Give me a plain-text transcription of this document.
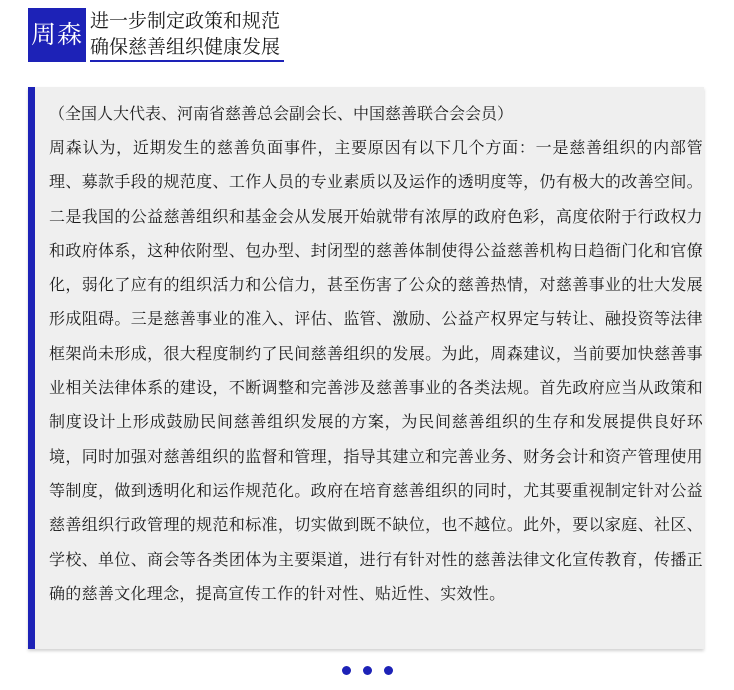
周森 进一步制定政策和规范
确保慈善组织健康发展
（全国人大代表、河南省慈善总会副会长、中国慈善联合会会员）

周森认为，近期发生的慈善负面事件，主要原因有以下几个方面：一是慈善组织的内部管理、募款手段的规范度、工作人员的专业素质以及运作的透明度等，仍有极大的改善空间。二是我国的公益慈善组织和基金会从发展开始就带有浓厚的政府色彩，高度依附于行政权力和政府体系，这种依附型、包办型、封闭型的慈善体制使得公益慈善机构日趋衙门化和官僚化，弱化了应有的组织活力和公信力，甚至伤害了公众的慈善热情，对慈善事业的壮大发展形成阻碍。三是慈善事业的准入、评估、监管、激励、公益产权界定与转让、融投资等法律框架尚未形成，很大程度制约了民间慈善组织的发展。为此，周森建议，当前要加快慈善事业相关法律体系的建设，不断调整和完善涉及慈善事业的各类法规。首先政府应当从政策和制度设计上形成鼓励民间慈善组织发展的方案，为民间慈善组织的生存和发展提供良好环境，同时加强对慈善组织的监督和管理，指导其建立和完善业务、财务会计和资产管理使用等制度，做到透明化和运作规范化。政府在培育慈善组织的同时，尤其要重视制定针对公益慈善组织行政管理的规范和标准，切实做到既不缺位，也不越位。此外，要以家庭、社区、学校、单位、商会等各类团体为主要渠道，进行有针对性的慈善法律文化宣传教育，传播正确的慈善文化理念，提高宣传工作的针对性、贴近性、实效性。
